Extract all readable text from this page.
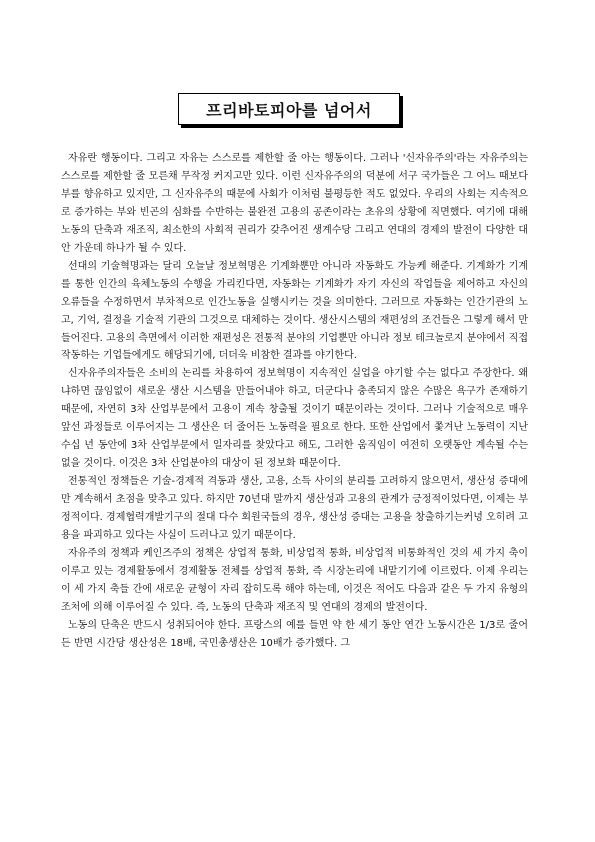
프리바토피아를 넘어서

자유란 행동이다. 그리고 자유는 스스로를 제한할 줄 아는 행동이다. 그러나 '신자유주의'라는 자유주의는 스스로를 제한할 줄 모른채 무작정 커지고만 있다. 이런 신자유주의의 덕분에 서구 국가들은 그 어느 때보다 부를 향유하고 있지만, 그 신자유주의 때문에 사회가 이처럼 불평등한 적도 없었다. 우리의 사회는 지속적으로 증가하는 부와 빈곤의 심화를 수반하는 불완전 고용의 공존이라는 초유의 상황에 직면했다. 여기에 대해 노동의 단축과 재조직, 최소한의 사회적 권리가 갖추어진 생계수당 그리고 연대의 경제의 발전이 다양한 대안 가운데 하나가 될 수 있다.

선대의 기술혁명과는 달리 오늘날 정보혁명은 기계화뿐만 아니라 자동화도 가능케 해준다. 기계화가 기계를 통한 인간의 육체노동의 수행을 가리킨다면, 자동화는 기계화가 자기 자신의 작업들을 제어하고 자신의 오류들을 수정하면서 부차적으로 인간노동을 실행시키는 것을 의미한다. 그러므로 자동화는 인간기관의 노고, 기억, 결정을 기술적 기관의 그것으로 대체하는 것이다. 생산시스템의 재편성의 조건들은 그렇게 해서 만들어진다. 고용의 측면에서 이러한 재편성은 전통적 분야의 기업뿐만 아니라 정보 테크놀로지 분야에서 직접 작동하는 기업들에게도 해당되기에, 더더욱 비참한 결과를 야기한다.

신자유주의자들은 소비의 논리를 차용하여 정보혁명이 지속적인 실업을 야기할 수는 없다고 주장한다. 왜냐하면 끊임없이 새로운 생산 시스템을 만들어내야 하고, 더군다나 충족되지 않은 수많은 욕구가 존재하기 때문에, 자연히 3차 산업부문에서 고용이 계속 창출될 것이기 때문이라는 것이다. 그러나 기술적으로 매우 앞선 과정들로 이루어지는 그 생산은 더 줄어든 노동력을 필요로 한다. 또한 산업에서 쫓겨난 노동력이 지난 수십 년 동안에 3차 산업부문에서 일자리를 찾았다고 해도, 그러한 움직임이 여전히 오랫동안 계속될 수는 없을 것이다. 이것은 3차 산업분야의 대상이 된 정보화 때문이다.

전통적인 정책들은 기술-경제적 격동과 생산, 고용, 소득 사이의 분리를 고려하지 않으면서, 생산성 증대에만 계속해서 초점을 맞추고 있다. 하지만 70년대 말까지 생산성과 고용의 관계가 긍정적이었다면, 이제는 부정적이다. 경제협력개발기구의 절대 다수 회원국들의 경우, 생산성 증대는 고용을 창출하기는커녕 오히려 고용을 파괴하고 있다는 사실이 드러나고 있기 때문이다.

자유주의 정책과 케인즈주의 정책은 상업적 통화, 비상업적 통화, 비상업적 비통화적인 것의 세 가지 축이 이루고 있는 경제활동에서 경제활동 전체를 상업적 통화, 즉 시장논리에 내맡기기에 이르렀다. 이제 우리는 이 세 가지 축들 간에 새로운 균형이 자리 잡히도록 해야 하는데, 이것은 적어도 다음과 같은 두 가지 유형의 조처에 의해 이루어질 수 있다. 즉, 노동의 단축과 재조직 및 연대의 경제의 발전이다.

노동의 단축은 반드시 성취되어야 한다. 프랑스의 예를 들면 약 한 세기 동안 연간 노동시간은 1/3로 줄어든 반면 시간당 생산성은 18배, 국민총생산은 10배가 증가했다. 그
